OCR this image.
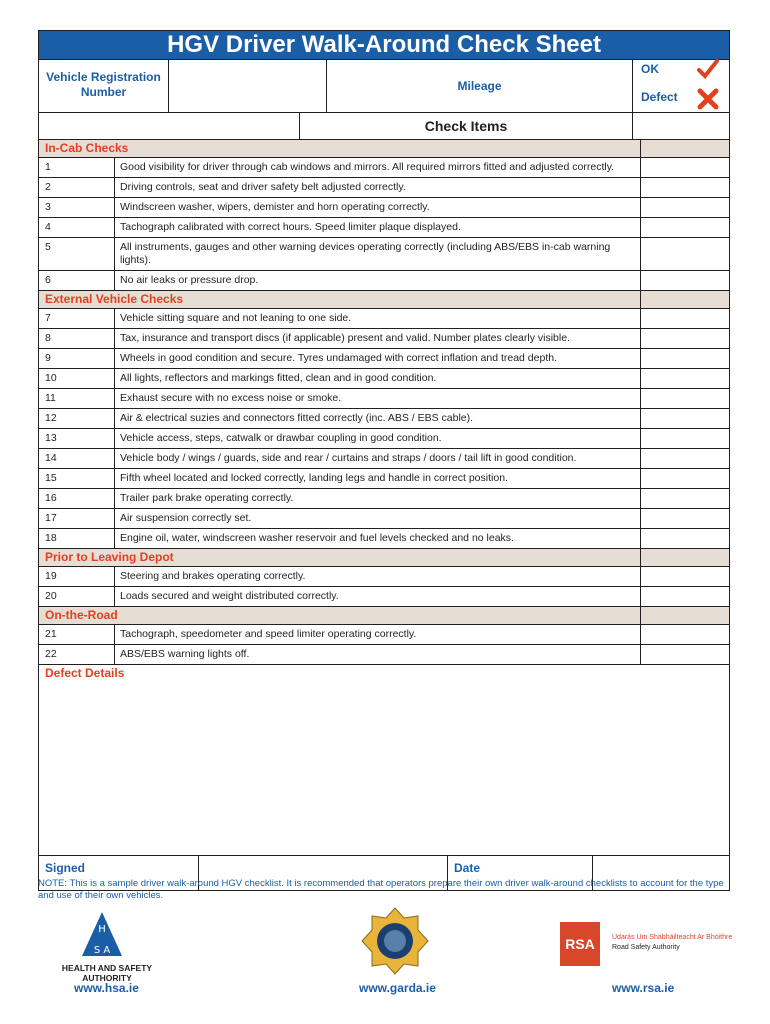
HGV Driver Walk-Around Check Sheet
Vehicle Registration Number	Mileage
OK
Defect
Check Items
In-Cab Checks
1	Good visibility for driver through cab windows and mirrors. All required mirrors fitted and adjusted correctly.
2	Driving controls, seat and driver safety belt adjusted correctly.
3	Windscreen washer, wipers, demister and horn operating correctly.
4	Tachograph calibrated with correct hours. Speed limiter plaque displayed.
5	All instruments, gauges and other warning devices operating correctly (including ABS/EBS in-cab warning lights).
6	No air leaks or pressure drop.
External Vehicle Checks
7	Vehicle sitting square and not leaning to one side.
8	Tax, insurance and transport discs (if applicable) present and valid. Number plates clearly visible.
9	Wheels in good condition and secure. Tyres undamaged with correct inflation and tread depth.
10	All lights, reflectors and markings fitted, clean and in good condition.
11	Exhaust secure with no excess noise or smoke.
12	Air & electrical suzies and connectors fitted correctly (inc. ABS / EBS cable).
13	Vehicle access, steps, catwalk or drawbar coupling in good condition.
14	Vehicle body / wings / guards, side and rear / curtains and straps / doors / tail lift in good condition.
15	Fifth wheel located and locked correctly, landing legs and handle in correct position.
16	Trailer park brake operating correctly.
17	Air suspension correctly set.
18	Engine oil, water, windscreen washer reservoir and fuel levels checked and no leaks.
Prior to Leaving Depot
19	Steering and brakes operating correctly.
20	Loads secured and weight distributed correctly.
On-the-Road
21	Tachograph, speedometer and speed limiter operating correctly.
22	ABS/EBS warning lights off.
Defect Details
Signed	Date
NOTE: This is a sample driver walk-around HGV checklist. It is recommended that operators prepare their own driver walk-around checklists to account for the type and use of their own vehicles.
H
S A
HEALTH AND SAFETY AUTHORITY
www.hsa.ie	www.garda.ie
RSA	Údarás Um Shábháilteacht Ar Bhóithre
Road Safety Authority
www.rsa.ie
